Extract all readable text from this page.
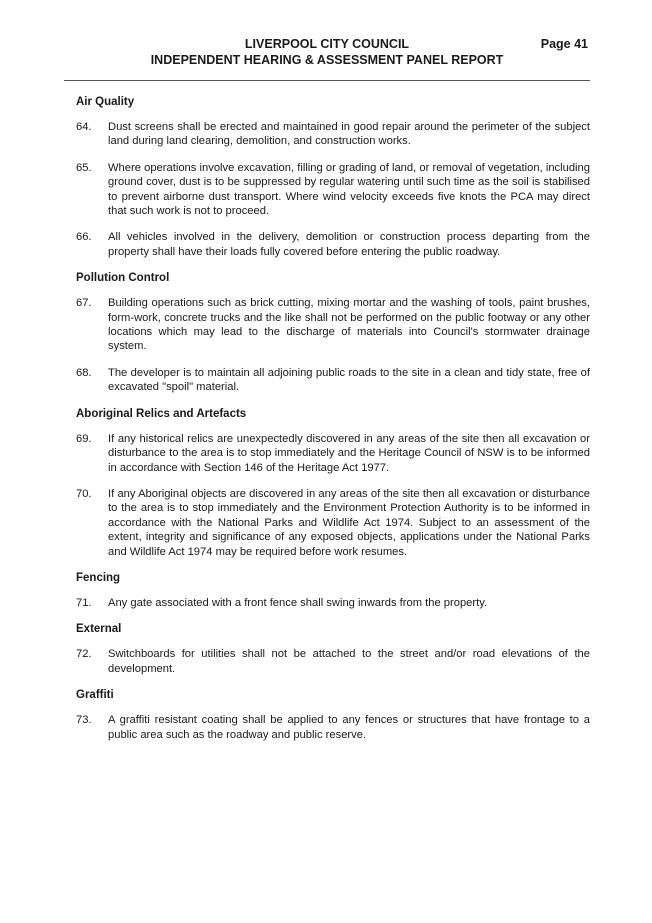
LIVERPOOL CITY COUNCIL
INDEPENDENT HEARING & ASSESSMENT PANEL REPORT
Page 41
Air Quality
64.	Dust screens shall be erected and maintained in good repair around the perimeter of the subject land during land clearing, demolition, and construction works.
65.	Where operations involve excavation, filling or grading of land, or removal of vegetation, including ground cover, dust is to be suppressed by regular watering until such time as the soil is stabilised to prevent airborne dust transport. Where wind velocity exceeds five knots the PCA may direct that such work is not to proceed.
66.	All vehicles involved in the delivery, demolition or construction process departing from the property shall have their loads fully covered before entering the public roadway.
Pollution Control
67.	Building operations such as brick cutting, mixing mortar and the washing of tools, paint brushes, form-work, concrete trucks and the like shall not be performed on the public footway or any other locations which may lead to the discharge of materials into Council's stormwater drainage system.
68.	The developer is to maintain all adjoining public roads to the site in a clean and tidy state, free of excavated "spoil" material.
Aboriginal Relics and Artefacts
69.	If any historical relics are unexpectedly discovered in any areas of the site then all excavation or disturbance to the area is to stop immediately and the Heritage Council of NSW is to be informed in accordance with Section 146 of the Heritage Act 1977.
70.	If any Aboriginal objects are discovered in any areas of the site then all excavation or disturbance to the area is to stop immediately and the Environment Protection Authority is to be informed in accordance with the National Parks and Wildlife Act 1974. Subject to an assessment of the extent, integrity and significance of any exposed objects, applications under the National Parks and Wildlife Act 1974 may be required before work resumes.
Fencing
71.	Any gate associated with a front fence shall swing inwards from the property.
External
72.	Switchboards for utilities shall not be attached to the street and/or road elevations of the development.
Graffiti
73.	A graffiti resistant coating shall be applied to any fences or structures that have frontage to a public area such as the roadway and public reserve.
